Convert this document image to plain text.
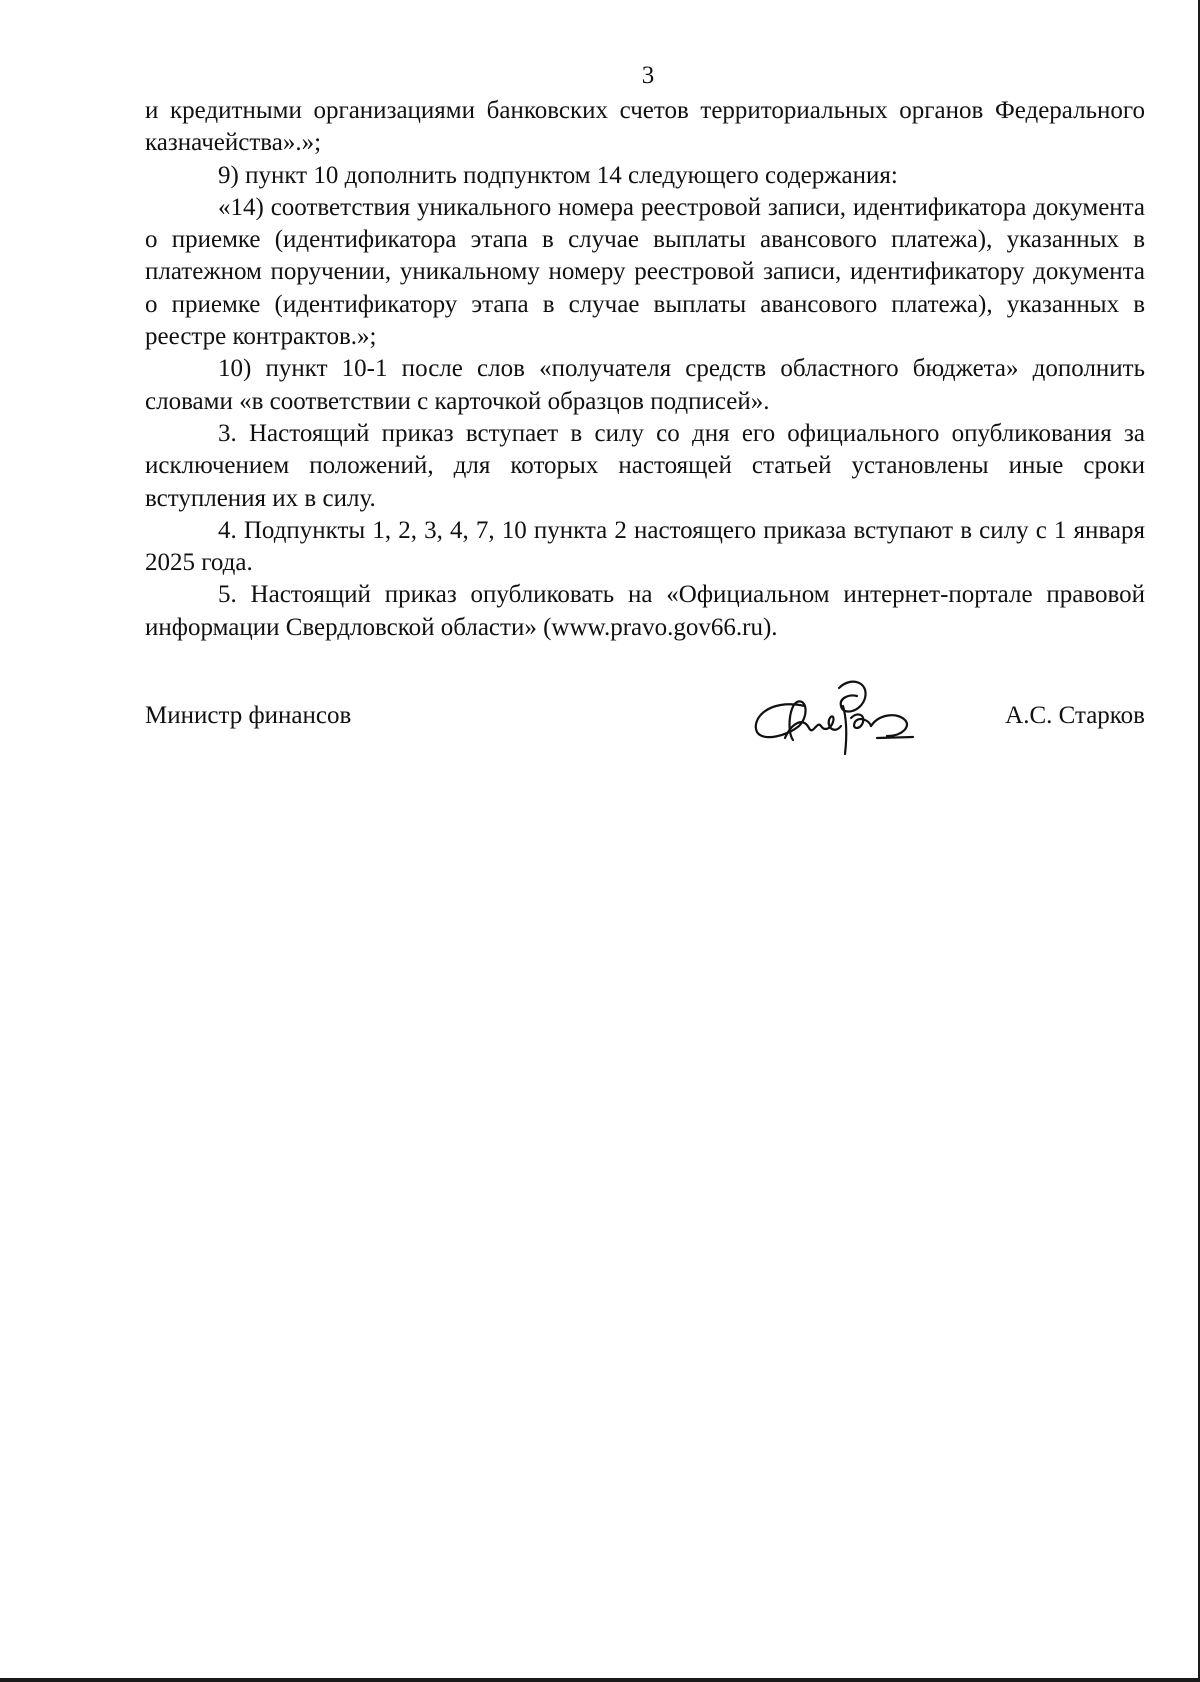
3

и кредитными организациями банковских счетов территориальных органов Федерального казначейства».»;

9) пункт 10 дополнить подпунктом 14 следующего содержания:

«14) соответствия уникального номера реестровой записи, идентификатора документа о приемке (идентификатора этапа в случае выплаты авансового платежа), указанных в платежном поручении, уникальному номеру реестровой записи, идентификатору документа о приемке (идентификатору этапа в случае выплаты авансового платежа), указанных в реестре контрактов.»;

10) пункт 10-1 после слов «получателя средств областного бюджета» дополнить словами «в соответствии с карточкой образцов подписей».

3. Настоящий приказ вступает в силу со дня его официального опубликования за исключением положений, для которых настоящей статьей установлены иные сроки вступления их в силу.

4. Подпункты 1, 2, 3, 4, 7, 10 пункта 2 настоящего приказа вступают в силу с 1 января 2025 года.

5. Настоящий приказ опубликовать на «Официальном интернет-портале правовой информации Свердловской области» (www.pravo.gov66.ru).

Министр финансов	А.С. Старков
